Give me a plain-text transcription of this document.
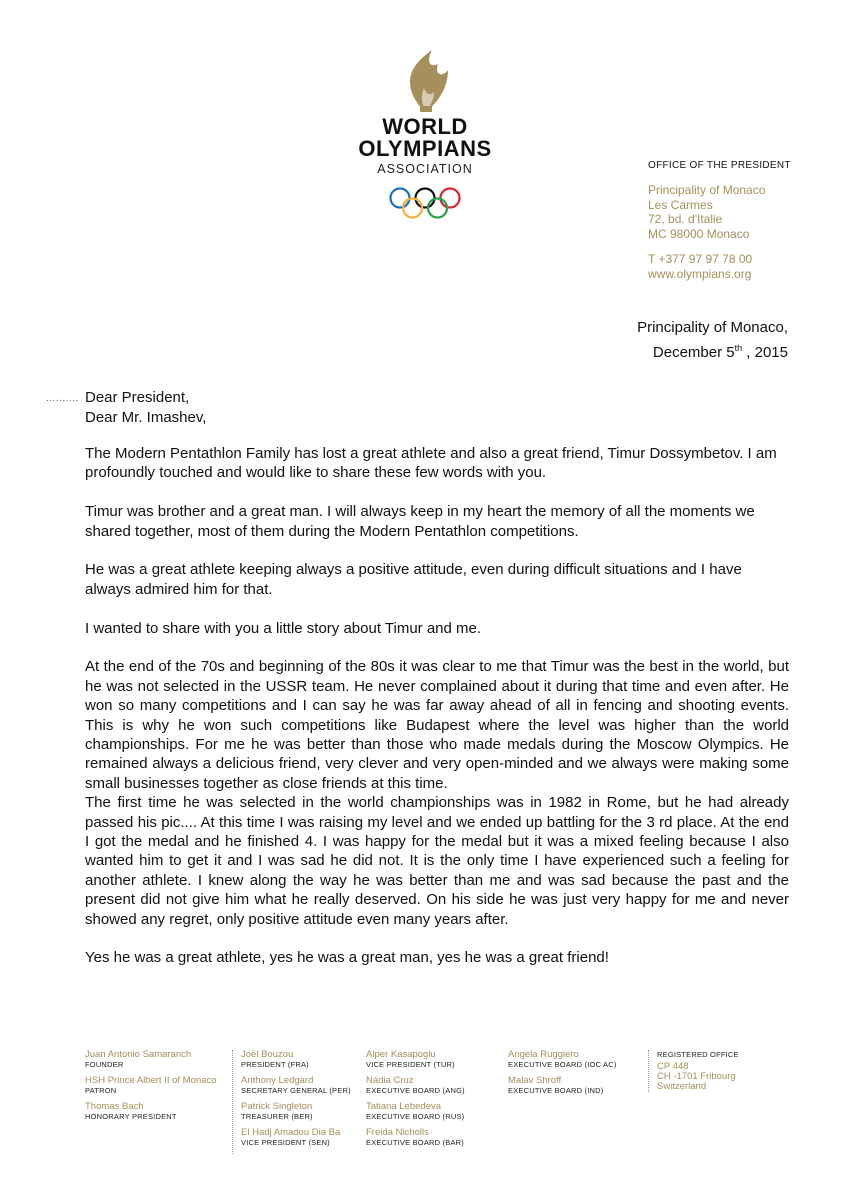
WORLD
OLYMPIANS
ASSOCIATION	OFFICE OF THE PRESIDENT
Principality of Monaco
Les Carmes
72, bd. d'Italie
MC 98000 Monaco
T +377 97 97 78 00
www.olympians.org
Principality of Monaco,
December 5th , 2015
.......... Dear President,
Dear Mr. Imashev,

The Modern Pentathlon Family has lost a great athlete and also a great friend, Timur Dossymbetov. I am profoundly touched and would like to share these few words with you.

Timur was brother and a great man. I will always keep in my heart the memory of all the moments we shared together, most of them during the Modern Pentathlon competitions.

He was a great athlete keeping always a positive attitude, even during difficult situations and I have always admired him for that.

I wanted to share with you a little story about Timur and me.

At the end of the 70s and beginning of the 80s it was clear to me that Timur was the best in the world, but he was not selected in the USSR team. He never complained about it during that time and even after. He won so many competitions and I can say he was far away ahead of all in fencing and shooting events. This is why he won such competitions like Budapest where the level was higher than the world championships. For me he was better than those who made medals during the Moscow Olympics. He remained always a delicious friend, very clever and very open-minded and we always were making some small businesses together as close friends at this time.

The first time he was selected in the world championships was in 1982 in Rome, but he had already passed his pic.... At this time I was raising my level and we ended up battling for the 3 rd place. At the end I got the medal and he finished 4. I was happy for the medal but it was a mixed feeling because I also wanted him to get it and I was sad he did not. It is the only time I have experienced such a feeling for another athlete. I knew along the way he was better than me and was sad because the past and the present did not give him what he really deserved. On his side he was just very happy for me and never showed any regret, only positive attitude even many years after.

Yes he was a great athlete, yes he was a great man, yes he was a great friend!

Juan Antonio Samaranch
FOUNDER
HSH Prince Albert II of Monaco
PATRON
Thomas Bach
HONORARY PRESIDENT
Joël Bouzou
PRESIDENT (FRA)
Anthony Ledgard
SECRETARY GENERAL (PER)
Patrick Singleton
TREASURER (BER)
El Hadj Amadou Dia Ba
VICE PRESIDENT (SEN)
Alper Kasapoglu
VICE PRESIDENT (TUR)
Nádia Cruz
EXECUTIVE BOARD (ANG)
Tatiana Lebedeva
EXECUTIVE BOARD (RUS)
Freida Nicholls
EXECUTIVE BOARD (BAR)
Angela Ruggiero
EXECUTIVE BOARD (IOC AC)
Malav Shroff
EXECUTIVE BOARD (IND)
REGISTERED OFFICE
CP 448
CH -1701 Fribourg
Switzerland
